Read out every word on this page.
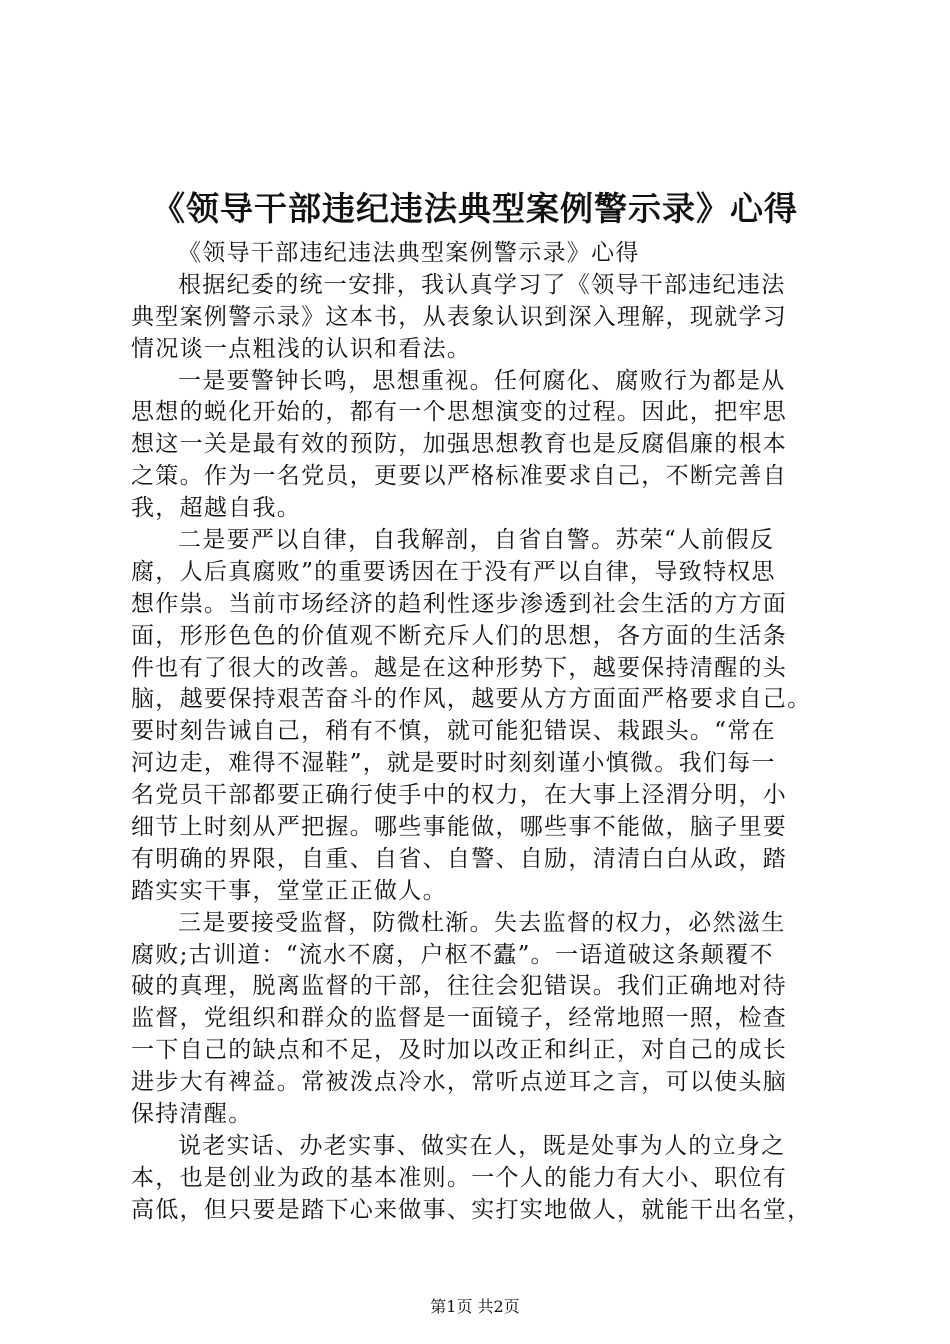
《领导干部违纪违法典型案例警示录》心得
《领导干部违纪违法典型案例警示录》心得
根据纪委的统一安排，我认真学习了《领导干部违纪违法
典型案例警示录》这本书，从表象认识到深入理解，现就学习
情况谈一点粗浅的认识和看法。
一是要警钟长鸣，思想重视。任何腐化、腐败行为都是从
思想的蜕化开始的，都有一个思想演变的过程。因此，把牢思
想这一关是最有效的预防，加强思想教育也是反腐倡廉的根本
之策。作为一名党员，更要以严格标准要求自己，不断完善自
我，超越自我。
二是要严以自律，自我解剖，自省自警。苏荣“人前假反
腐，人后真腐败”的重要诱因在于没有严以自律，导致特权思
想作祟。当前市场经济的趋利性逐步渗透到社会生活的方方面
面，形形色色的价值观不断充斥人们的思想，各方面的生活条
件也有了很大的改善。越是在这种形势下，越要保持清醒的头
脑，越要保持艰苦奋斗的作风，越要从方方面面严格要求自己。
要时刻告诫自己，稍有不慎，就可能犯错误、栽跟头。“常在
河边走，难得不湿鞋”，就是要时时刻刻谨小慎微。我们每一
名党员干部都要正确行使手中的权力，在大事上泾渭分明，小
细节上时刻从严把握。哪些事能做，哪些事不能做，脑子里要
有明确的界限，自重、自省、自警、自励，清清白白从政，踏
踏实实干事，堂堂正正做人。
三是要接受监督，防微杜渐。失去监督的权力，必然滋生
腐败;古训道：“流水不腐，户枢不蠹”。一语道破这条颠覆不
破的真理，脱离监督的干部，往往会犯错误。我们正确地对待
监督，党组织和群众的监督是一面镜子，经常地照一照，检查
一下自己的缺点和不足，及时加以改正和纠正，对自己的成长
进步大有裨益。常被泼点冷水，常听点逆耳之言，可以使头脑
保持清醒。
说老实话、办老实事、做实在人，既是处事为人的立身之
本，也是创业为政的基本准则。一个人的能力有大小、职位有
高低，但只要是踏下心来做事、实打实地做人，就能干出名堂，
第1页 共2页
